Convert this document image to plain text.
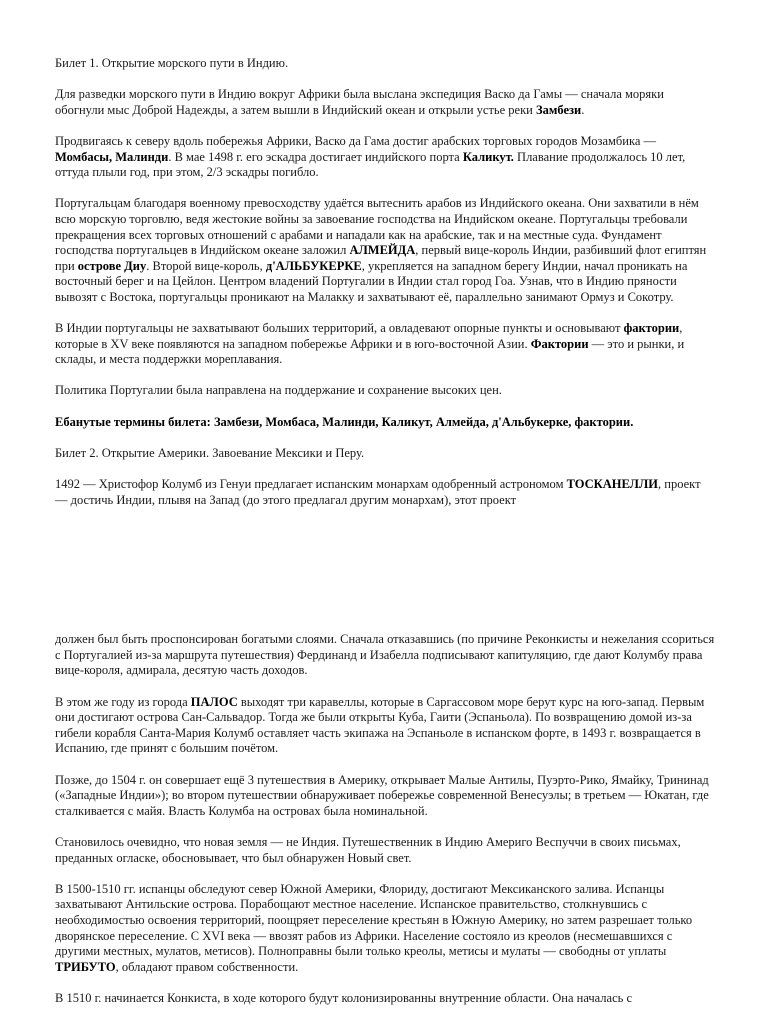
Билет 1. Открытие морского пути в Индию.

Для разведки морского пути в Индию вокруг Африки была выслана экспедиция Васко да Гамы — сначала моряки обогнули мыс Доброй Надежды, а затем вышли в Индийский океан и открыли устье реки Замбези.

Продвигаясь к северу вдоль побережья Африки, Васко да Гама достиг арабских торговых городов Мозамбика — Момбасы, Малинди. В мае 1498 г. его эскадра достигает индийского порта Каликут. Плавание продолжалось 10 лет, оттуда плыли год, при этом, 2/3 эскадры погибло.

Португальцам благодаря военному превосходству удаётся вытеснить арабов из Индийского океана. Они захватили в нём всю морскую торговлю, ведя жестокие войны за завоевание господства на Индийском океане. Португальцы требовали прекращения всех торговых отношений с арабами и нападали как на арабские, так и на местные суда. Фундамент господства португальцев в Индийском океане заложил АЛМЕЙДА, первый вице-король Индии, разбивший флот египтян при острове Диу. Второй вице-король, д'АЛЬБУКЕРКЕ, укрепляется на западном берегу Индии, начал проникать на восточный берег и на Цейлон. Центром владений Португалии в Индии стал город Гоа. Узнав, что в Индию пряности вывозят с Востока, португальцы проникают на Малакку и захватывают её, параллельно занимают Ормуз и Сокотру.

В Индии португальцы не захватывают больших территорий, а овладевают опорные пункты и основывают фактории, которые в XV веке появляются на западном побережье Африки и в юго-восточной Азии. Фактории — это и рынки, и склады, и места поддержки мореплавания.

Политика Португалии была направлена на поддержание и сохранение высоких цен.

Ебанутые термины билета: Замбези, Момбаса, Малинди, Каликут, Алмейда, д'Альбукерке, фактории.

Билет 2. Открытие Америки. Завоевание Мексики и Перу.

1492 — Христофор Колумб из Генуи предлагает испанским монархам одобренный астрономом ТОСКАНЕЛЛИ, проект — достичь Индии, плывя на Запад (до этого предлагал другим монархам), этот проект

должен был быть проспонсирован богатыми слоями. Сначала отказавшись (по причине Реконкисты и нежелания ссориться с Португалией из-за маршрута путешествия) Фердинанд и Изабелла подписывают капитуляцию, где дают Колумбу права вице-короля, адмирала, десятую часть доходов.

В этом же году из города ПАЛОС выходят три каравеллы, которые в Саргассовом море берут курс на юго-запад. Первым они достигают острова Сан-Сальвадор. Тогда же были открыты Куба, Гаити (Эспаньола). По возвращению домой из-за гибели корабля Санта-Мария Колумб оставляет часть экипажа на Эспаньоле в испанском форте, в 1493 г. возвращается в Испанию, где принят с большим почётом.

Позже, до 1504 г. он совершает ещё 3 путешествия в Америку, открывает Малые Антилы, Пуэрто-Рико, Ямайку, Трининад («Западные Индии»); во втором путешествии обнаруживает побережье современной Венесуэлы; в третьем — Юкатан, где сталкивается с майя. Власть Колумба на островах была номинальной.

Становилось очевидно, что новая земля — не Индия. Путешественник в Индию Америго Веспуччи в своих письмах, преданных огласке, обосновывает, что был обнаружен Новый свет.

В 1500-1510 гг. испанцы обследуют север Южной Америки, Флориду, достигают Мексиканского залива. Испанцы захватывают Антильские острова. Порабощают местное население. Испанское правительство, столкнувшись с необходимостью освоения территорий, поощряет переселение крестьян в Южную Америку, но затем разрешает только дворянское переселение. С XVI века — ввозят рабов из Африки. Население состояло из креолов (несмешавшихся с другими местных, мулатов, метисов). Полноправны были только креолы, метисы и мулаты — свободны от уплаты ТРИБУТО, обладают правом собственности.

В 1510 г. начинается Конкиста, в ходе которого будут колонизированны внутренние области. Она началась с
